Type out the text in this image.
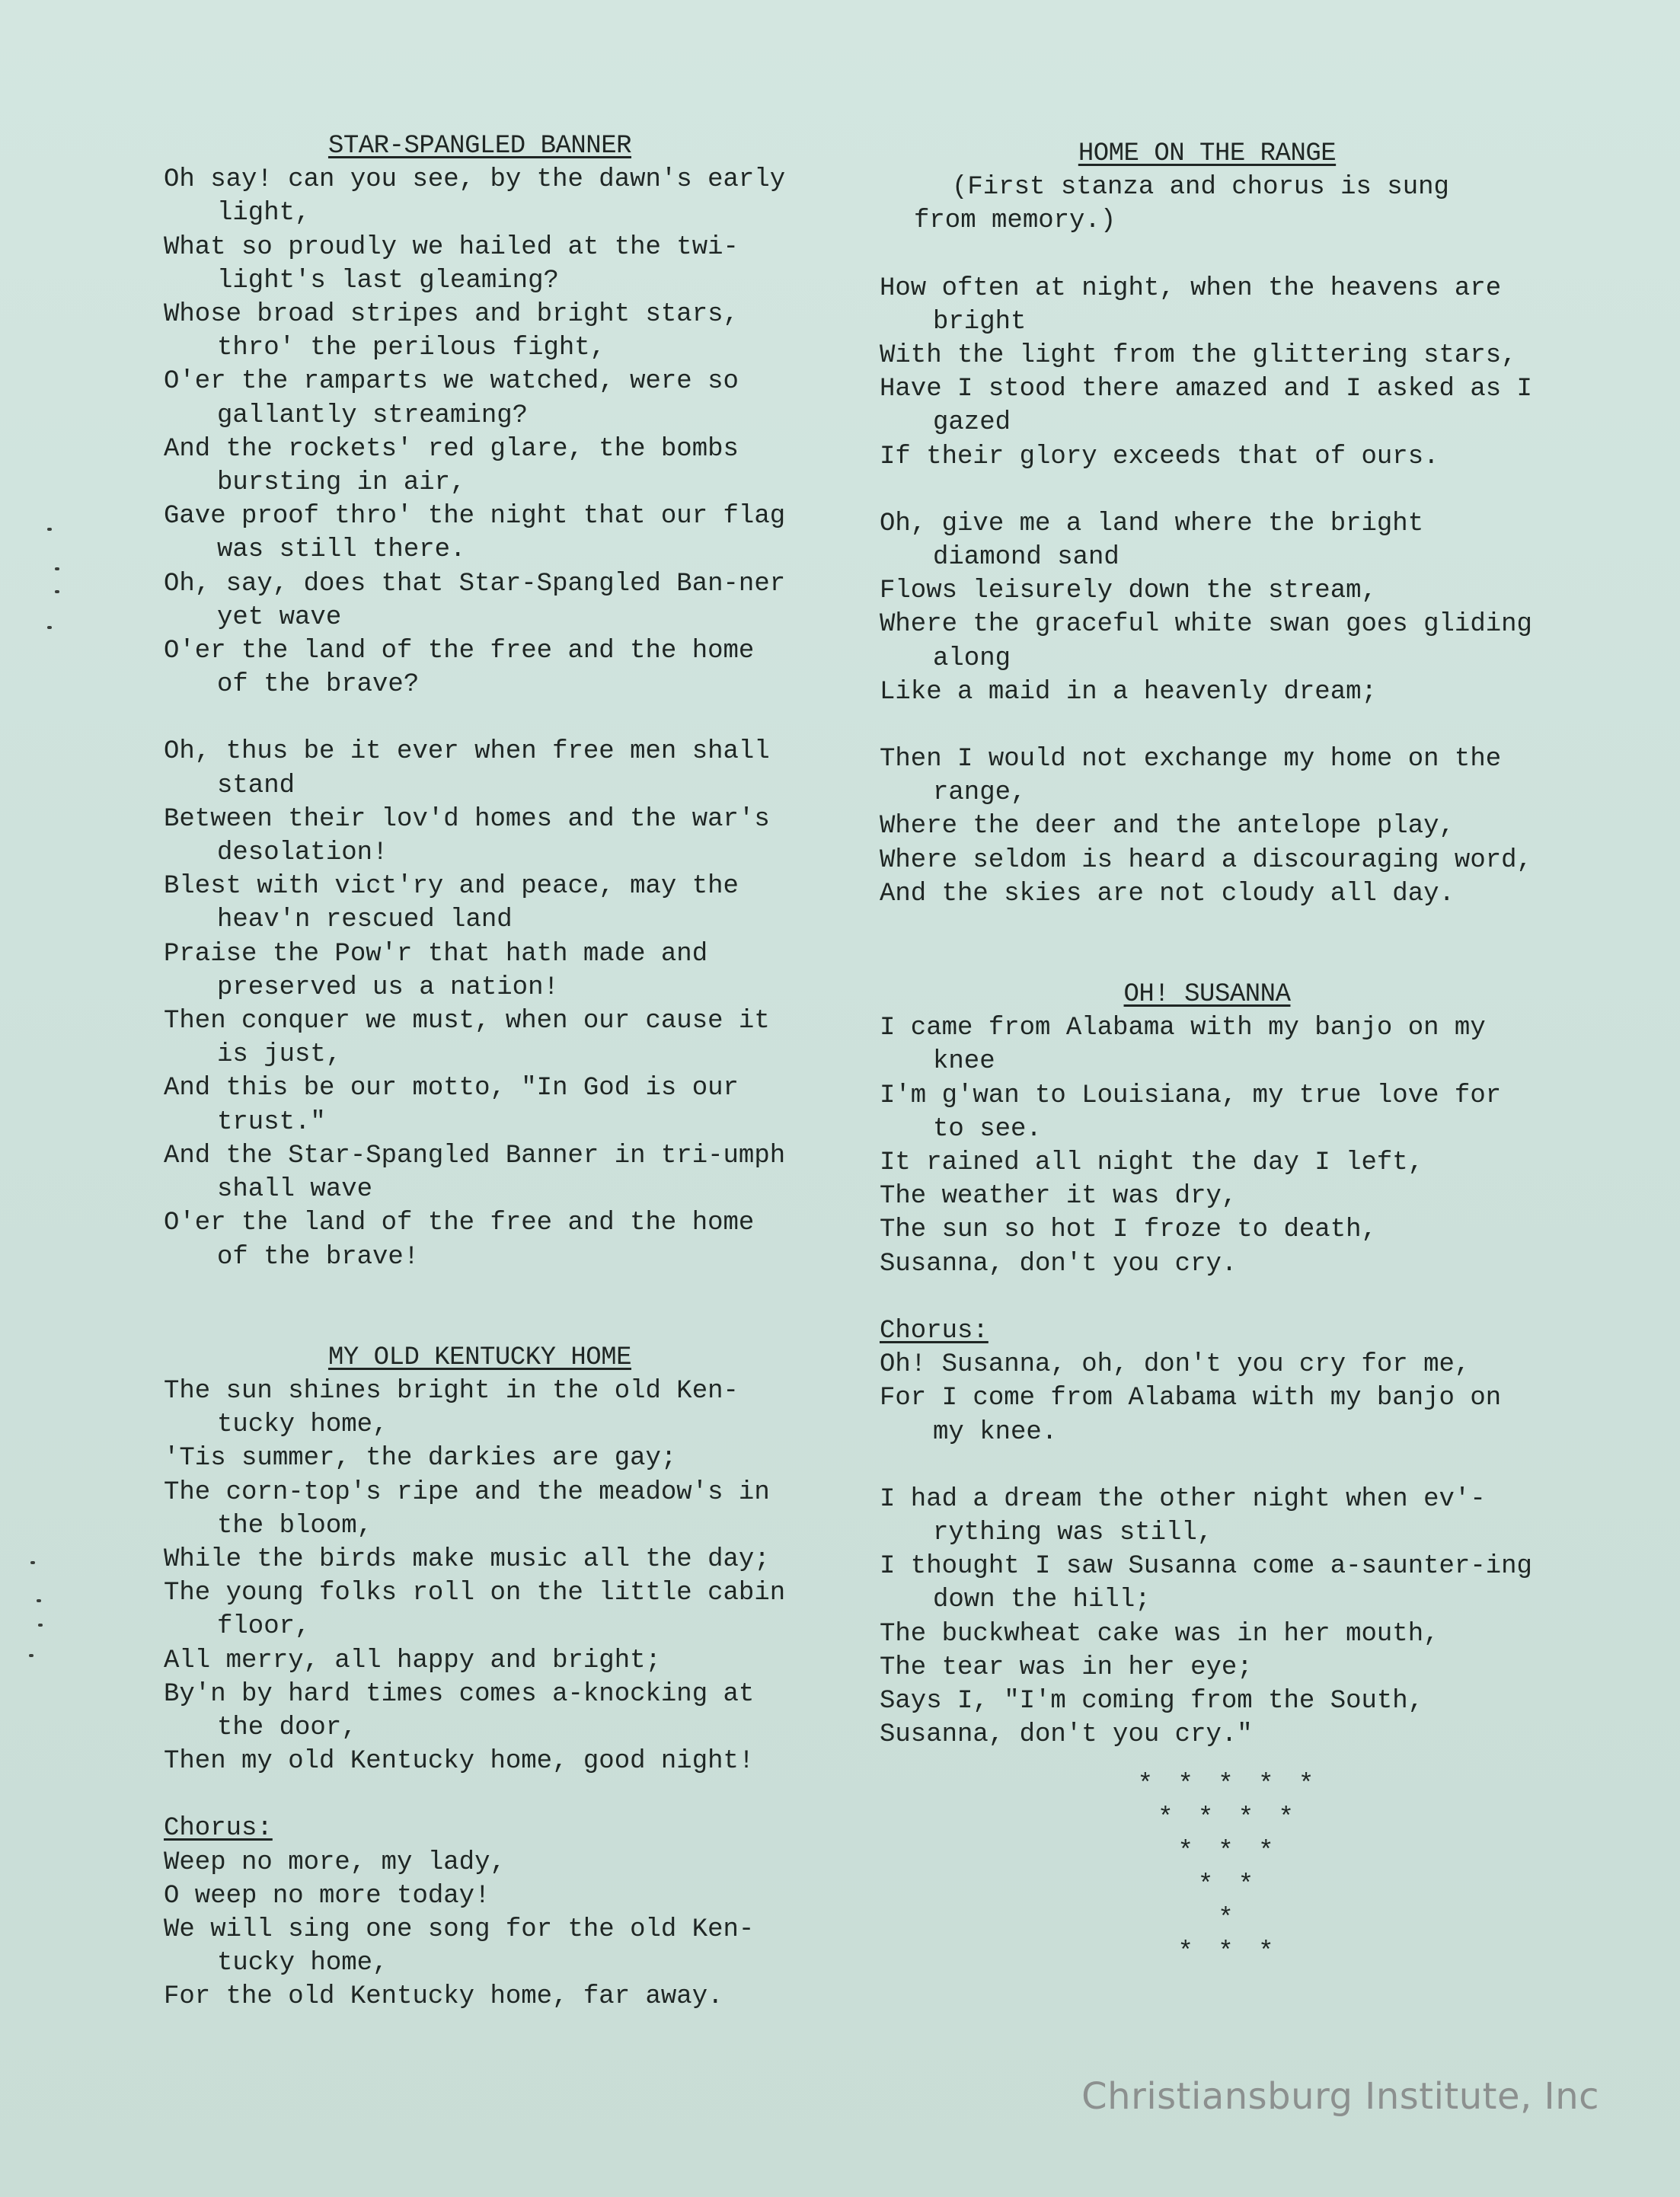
STAR-SPANGLED BANNER

Oh say! can you see, by the dawn's early light,

What so proudly we hailed at the twi-light's last gleaming?

Whose broad stripes and bright stars, thro' the perilous fight,

O'er the ramparts we watched, were so gallantly streaming?

And the rockets' red glare, the bombs bursting in air,

Gave proof thro' the night that our flag was still there.

Oh, say, does that Star-Spangled Ban-ner yet wave

O'er the land of the free and the home of the brave?

Oh, thus be it ever when free men shall stand

Between their lov'd homes and the war's desolation!

Blest with vict'ry and peace, may the heav'n rescued land

Praise the Pow'r that hath made and preserved us a nation!

Then conquer we must, when our cause it is just,

And this be our motto, "In God is our trust."

And the Star-Spangled Banner in tri-umph shall wave

O'er the land of the free and the home of the brave!

MY OLD KENTUCKY HOME

The sun shines bright in the old Ken-tucky home,

'Tis summer, the darkies are gay;

The corn-top's ripe and the meadow's in the bloom,

While the birds make music all the day;

The young folks roll on the little cabin floor,

All merry, all happy and bright;

By'n by hard times comes a-knocking at the door,

Then my old Kentucky home, good night!

Chorus:

Weep no more, my lady,

O weep no more today!

We will sing one song for the old Ken-tucky home,

For the old Kentucky home, far away.

HOME ON THE RANGE

(First stanza and chorus is sung

from memory.)

How often at night, when the heavens are bright

With the light from the glittering stars,

Have I stood there amazed and I asked as I gazed

If their glory exceeds that of ours.

Oh, give me a land where the bright diamond sand

Flows leisurely down the stream,

Where the graceful white swan goes gliding along

Like a maid in a heavenly dream;

Then I would not exchange my home on the range,

Where the deer and the antelope play,

Where seldom is heard a discouraging word,

And the skies are not cloudy all day.

OH! SUSANNA

I came from Alabama with my banjo on my knee

I'm g'wan to Louisiana, my true love for to see.

It rained all night the day I left,

The weather it was dry,

The sun so hot I froze to death,

Susanna, don't you cry.

Chorus:

Oh! Susanna, oh, don't you cry for me,

For I come from Alabama with my banjo on my knee.

I had a dream the other night when ev'-rything was still,

I thought I saw Susanna come a-saunter-ing down the hill;

The buckwheat cake was in her mouth,

The tear was in her eye;

Says I, "I'm coming from the South,

Susanna, don't you cry."

* * * * *

* * * *

* * *

* *

*

* * *

Christiansburg Institute, Inc
